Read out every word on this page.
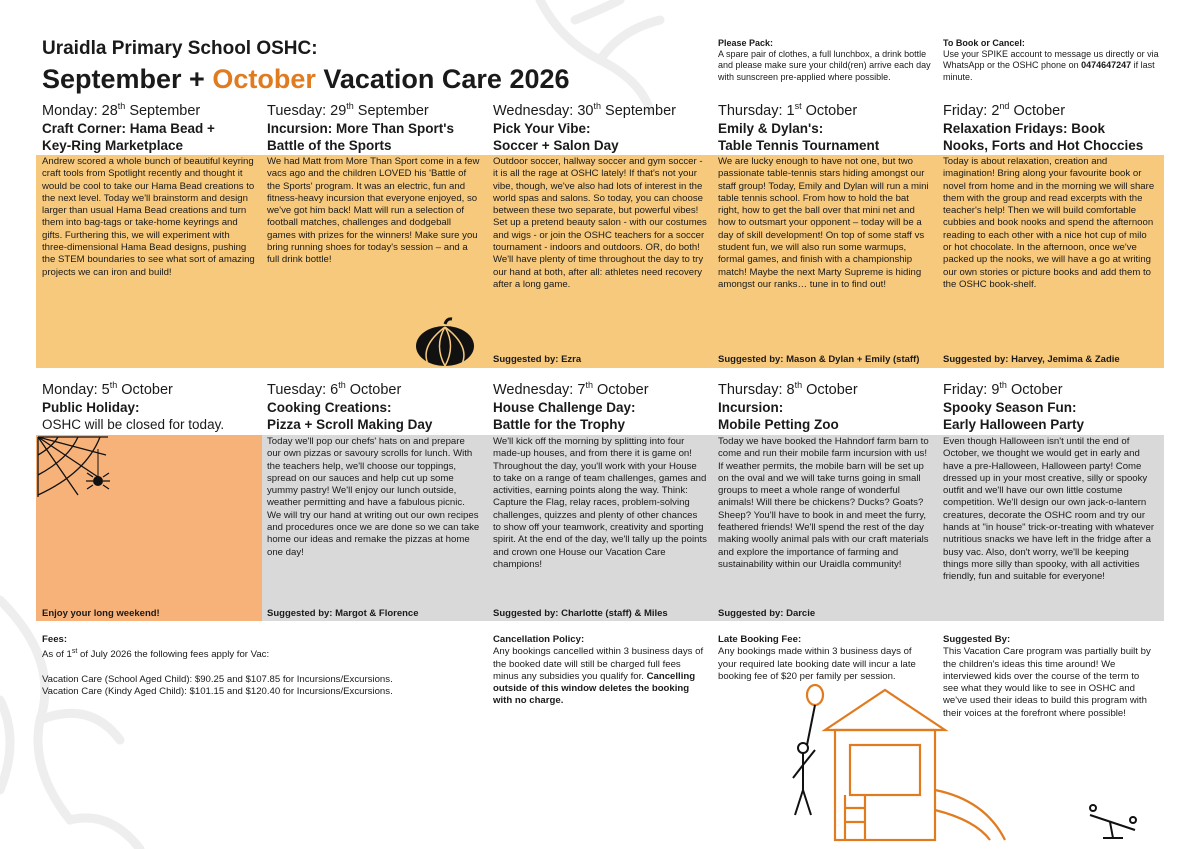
Uraidla Primary School OSHC:
September + October Vacation Care 2026
Please Pack:
A spare pair of clothes, a full lunchbox, a drink bottle and please make sure your child(ren) arrive each day with sunscreen pre-applied where possible.
To Book or Cancel:
Use your SPIKE account to message us directly or via WhatsApp or the OSHC phone on 0474647247 if last minute.
Fees:
As of 1st of July 2026 the following fees apply for Vac:

Vacation Care (School Aged Child): $90.25 and $107.85 for Incursions/Excursions.
Vacation Care (Kindy Aged Child): $101.15 and $120.40 for Incursions/Excursions.
Cancellation Policy:
Any bookings cancelled within 3 business days of the booked date will still be charged full fees minus any subsidies you qualify for. Cancelling outside of this window deletes the booking with no charge.
Late Booking Fee:
Any bookings made within 3 business days of your required late booking date will incur a late booking fee of $20 per family per session.
Suggested By:
This Vacation Care program was partially built by the children's ideas this time around! We interviewed kids over the course of the term to see what they would like to see in OSHC and we've used their ideas to build this program with their voices at the forefront where possible!
Monday: 28th September
Craft Corner: Hama Bead +
Key-Ring Marketplace
Andrew scored a whole bunch of beautiful keyring craft tools from Spotlight recently and thought it would be cool to take our Hama Bead creations to the next level. Today we'll brainstorm and design larger than usual Hama Bead creations and turn them into bag-tags or take-home keyrings and gifts. Furthering this, we will experiment with three-dimensional Hama Bead designs, pushing the STEM boundaries to see what sort of amazing projects we can iron and build!
Tuesday: 29th September
Incursion: More Than Sport's
Battle of the Sports
We had Matt from More Than Sport come in a few vacs ago and the children LOVED his 'Battle of the Sports' program. It was an electric, fun and fitness-heavy incursion that everyone enjoyed, so we've got him back! Matt will run a selection of football matches, challenges and dodgeball games with prizes for the winners! Make sure you bring running shoes for today's session – and a full drink bottle!
Wednesday: 30th September
Pick Your Vibe:
Soccer + Salon Day
Outdoor soccer, hallway soccer and gym soccer - it is all the rage at OSHC lately! If that's not your vibe, though, we've also had lots of interest in the world spas and salons. So today, you can choose between these two separate, but powerful vibes! Set up a pretend beauty salon - with our costumes and wigs - or join the OSHC teachers for a soccer tournament - indoors and outdoors. OR, do both! We'll have plenty of time throughout the day to try our hand at both, after all: athletes need recovery after a long game.
Suggested by: Ezra
Thursday: 1st October
Emily & Dylan's:
Table Tennis Tournament
We are lucky enough to have not one, but two passionate table-tennis stars hiding amongst our staff group! Today, Emily and Dylan will run a mini table tennis school. From how to hold the bat right, how to get the ball over that mini net and how to outsmart your opponent – today will be a day of skill development! On top of some staff vs student fun, we will also run some warmups, formal games, and finish with a championship match! Maybe the next Marty Supreme is hiding amongst our ranks… tune in to find out!
Suggested by: Mason & Dylan + Emily (staff)
Friday: 2nd October
Relaxation Fridays: Book
Nooks, Forts and Hot Choccies
Today is about relaxation, creation and imagination! Bring along your favourite book or novel from home and in the morning we will share them with the group and read excerpts with the teacher's help! Then we will build comfortable cubbies and book nooks and spend the afternoon reading to each other with a nice hot cup of milo or hot chocolate. In the afternoon, once we've packed up the nooks, we will have a go at writing our own stories or picture books and add them to the OSHC book-shelf.
Suggested by: Harvey, Jemima & Zadie
Monday: 5th October
Public Holiday:
OSHC will be closed for today.
Enjoy your long weekend!
Tuesday: 6th October
Cooking Creations:
Pizza + Scroll Making Day
Today we'll pop our chefs' hats on and prepare our own pizzas or savoury scrolls for lunch. With the teachers help, we'll choose our toppings, spread on our sauces and help cut up some yummy pastry! We'll enjoy our lunch outside, weather permitting and have a fabulous picnic. We will try our hand at writing out our own recipes and procedures once we are done so we can take home our ideas and remake the pizzas at home one day!
Suggested by: Margot & Florence
Wednesday: 7th October
House Challenge Day:
Battle for the Trophy
We'll kick off the morning by splitting into four made-up houses, and from there it is game on! Throughout the day, you'll work with your House to take on a range of team challenges, games and activities, earning points along the way. Think: Capture the Flag, relay races, problem-solving challenges, quizzes and plenty of other chances to show off your teamwork, creativity and sporting spirit. At the end of the day, we'll tally up the points and crown one House our Vacation Care champions!
Suggested by: Charlotte (staff) & Miles
Thursday: 8th October
Incursion:
Mobile Petting Zoo
Today we have booked the Hahndorf farm barn to come and run their mobile farm incursion with us! If weather permits, the mobile barn will be set up on the oval and we will take turns going in small groups to meet a whole range of wonderful animals! Will there be chickens? Ducks? Goats? Sheep? You'll have to book in and meet the furry, feathered friends! We'll spend the rest of the day making woolly animal pals with our craft materials and explore the importance of farming and sustainability within our Uraidla community!
Suggested by: Darcie
Friday: 9th October
Spooky Season Fun:
Early Halloween Party
Even though Halloween isn't until the end of October, we thought we would get in early and have a pre-Halloween, Halloween party! Come dressed up in your most creative, silly or spooky outfit and we'll have our own little costume competition. We'll design our own jack-o-lantern creatures, decorate the OSHC room and try our hands at "in house" trick-or-treating with whatever nutritious snacks we have left in the fridge after a busy vac. Also, don't worry, we'll be keeping things more silly than spooky, with all activities friendly, fun and suitable for everyone!
